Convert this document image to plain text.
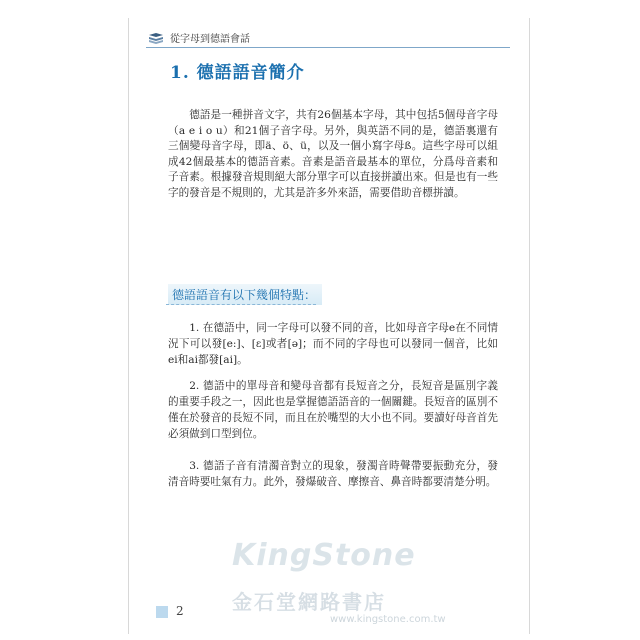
從字母到德語會話
1. 德語語音簡介

德語是一種拼音文字，共有26個基本字母，其中包括5個母音字母（a e i o u）和21個子音字母。另外，與英語不同的是，德語裏還有三個變母音字母，即ä、ö、ü，以及一個小寫字母ß。這些字母可以組成42個最基本的德語音素。音素是語音最基本的單位，分爲母音素和子音素。根據發音規則絕大部分單字可以直接拼讀出來。但是也有一些字的發音是不規則的，尤其是許多外來語，需要借助音標拼讀。

德語語音有以下幾個特點：

1. 在德語中，同一字母可以發不同的音，比如母音字母e在不同情況下可以發[e:]、[ɛ]或者[ə]；而不同的字母也可以發同一個音，比如ei和ai都發[ai]。

2. 德語中的單母音和變母音都有長短音之分，長短音是區別字義的重要手段之一，因此也是掌握德語語音的一個關鍵。長短音的區別不僅在於發音的長短不同，而且在於嘴型的大小也不同。要讀好母音首先必須做到口型到位。

3. 德語子音有清濁音對立的現象，發濁音時聲帶要振動充分，發清音時要吐氣有力。此外，發爆破音、摩擦音、鼻音時都要清楚分明。

KingStone
金石堂網路書店
www.kingstone.com.tw
2
